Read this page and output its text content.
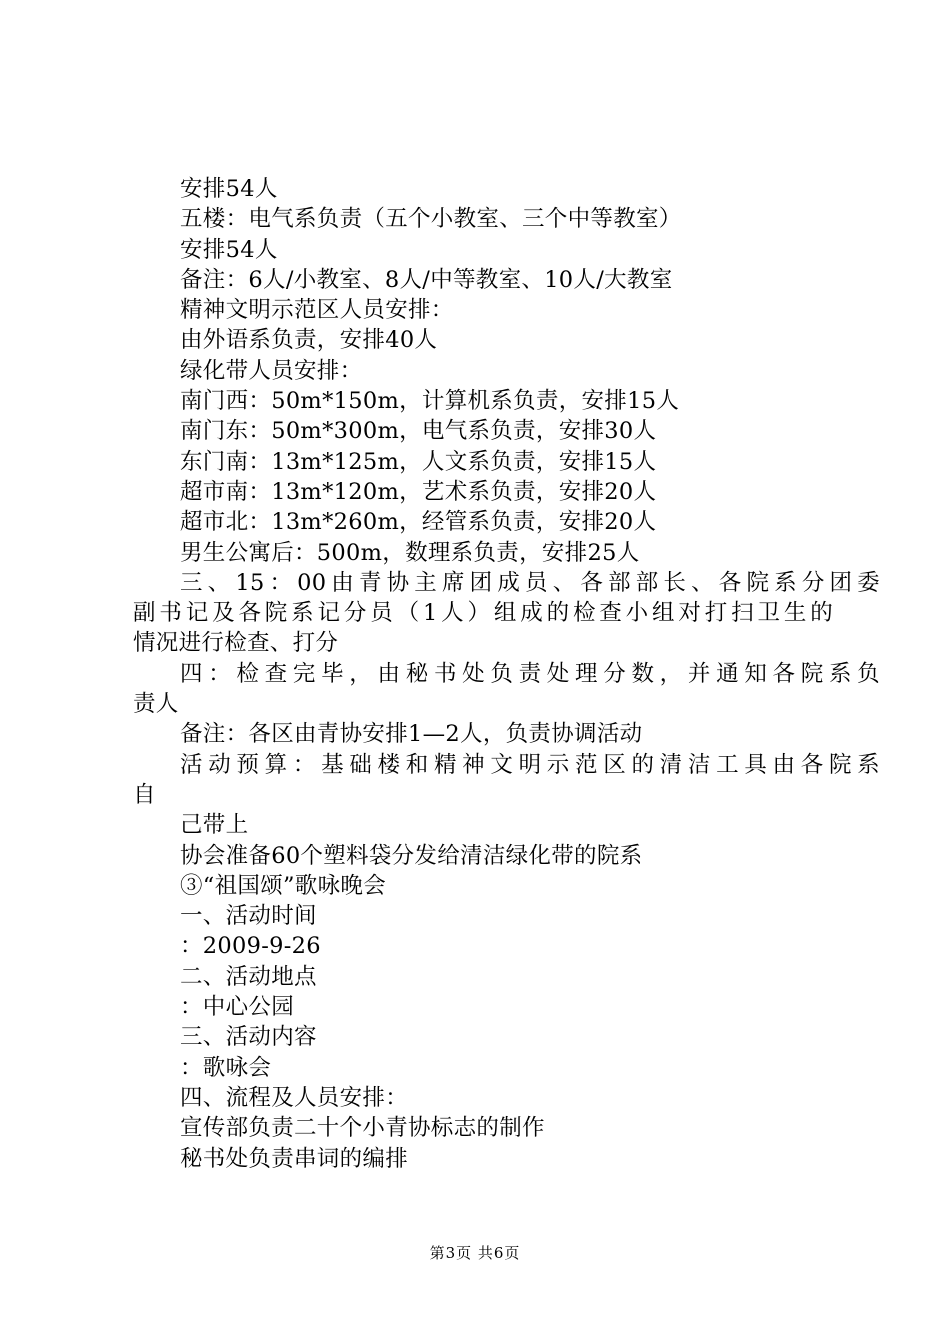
安排54人
五楼：电气系负责（五个小教室、三个中等教室）
安排54人
备注：6人/小教室、8人/中等教室、10人/大教室
精神文明示范区人员安排：
由外语系负责，安排40人
绿化带人员安排：
南门西：50m*150m，计算机系负责，安排15人
南门东：50m*300m，电气系负责，安排30人
东门南：13m*125m，人文系负责，安排15人
超市南：13m*120m，艺术系负责，安排20人
超市北：13m*260m，经管系负责，安排20人
男生公寓后：500m，数理系负责，安排25人
三、15：00由青协主席团成员、各部部长、各院系分团委
副书记及各院系记分员（1人）组成的检查小组对打扫卫生的
情况进行检查、打分
四：检查完毕，由秘书处负责处理分数，并通知各院系负
责人
备注：各区由青协安排1—2人，负责协调活动
活动预算：基础楼和精神文明示范区的清洁工具由各院系
自
己带上
协会准备60个塑料袋分发给清洁绿化带的院系
③“祖国颂”歌咏晚会
一、活动时间
：2009-9-26
二、活动地点
：中心公园
三、活动内容
：歌咏会
四、流程及人员安排：
宣传部负责二十个小青协标志的制作
秘书处负责串词的编排
第3页 共6页
